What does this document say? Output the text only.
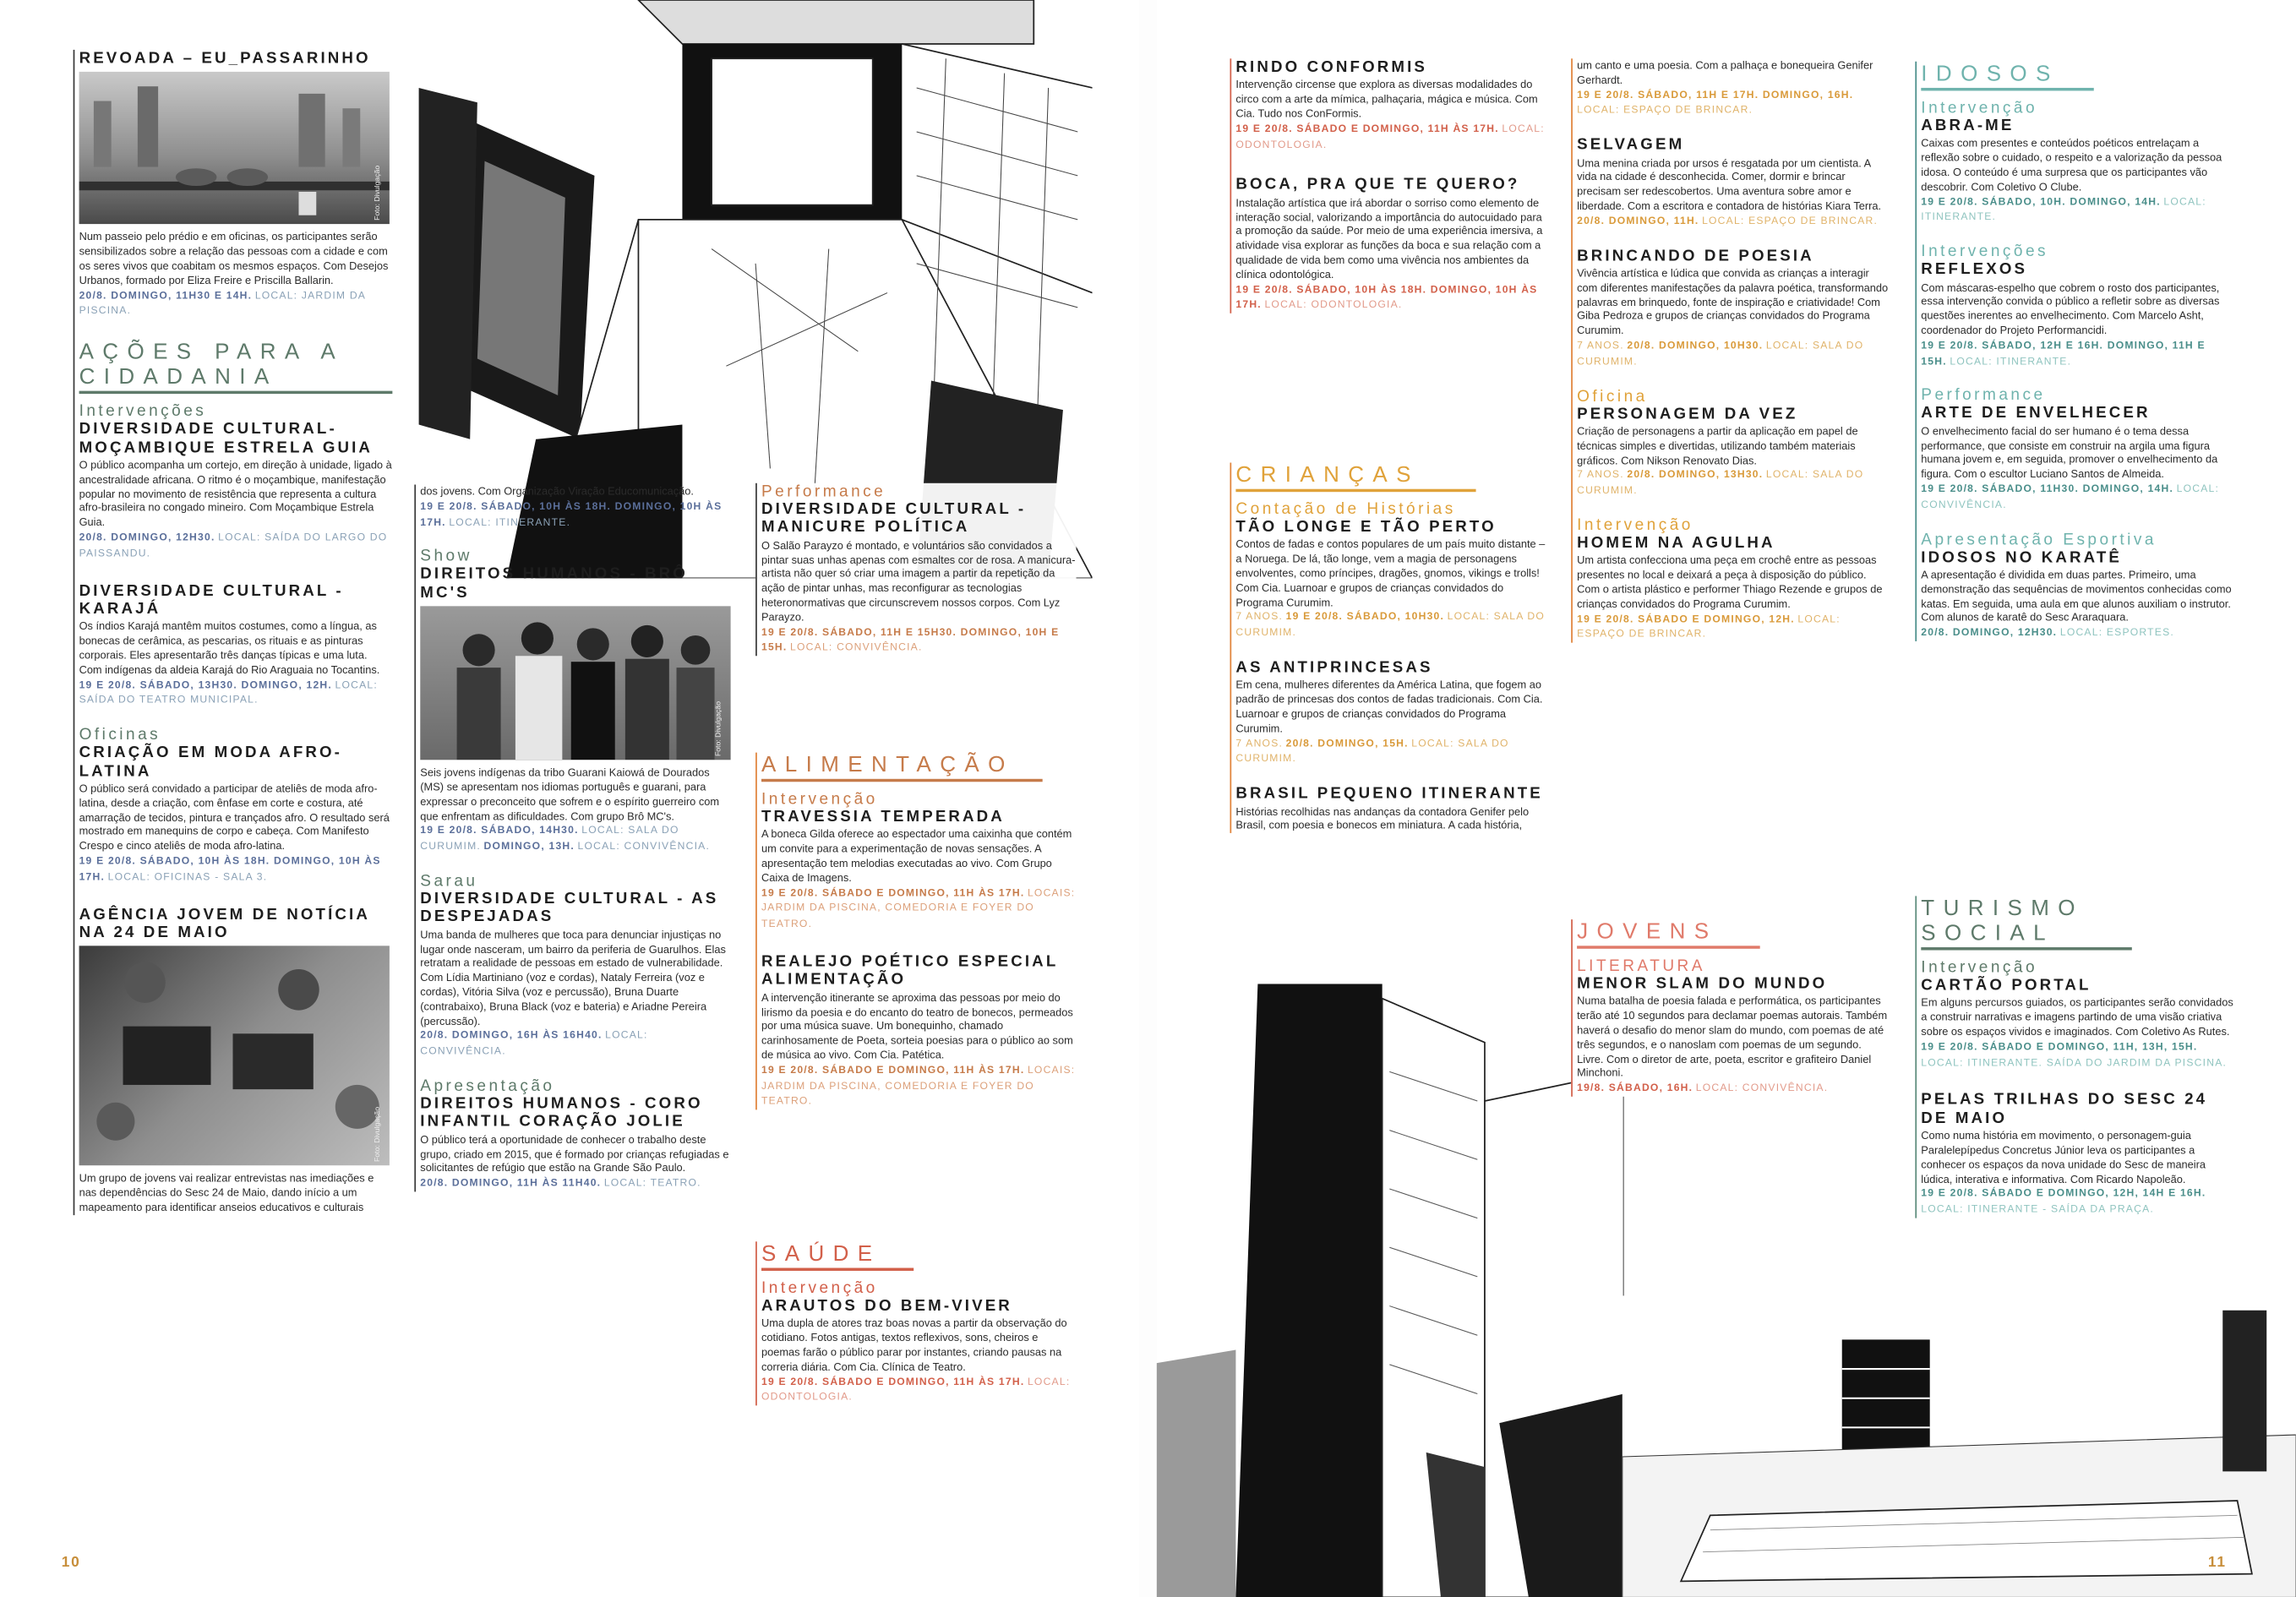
REVOADA – EU_PASSARINHO
Foto: Divulgação
Num passeio pelo prédio e em oficinas, os participantes serão sensibilizados sobre a relação das pessoas com a cidade e com os seres vivos que coabitam os mesmos espaços. Com Desejos Urbanos, formado por Eliza Freire e Priscilla Ballarin.
20/8. DOMINGO, 11H30 E 14H. LOCAL: JARDIM DA PISCINA.
AÇÕES PARA A CIDADANIA
Intervenções
DIVERSIDADE CULTURAL- MOÇAMBIQUE ESTRELA GUIA
O público acompanha um cortejo, em direção à unidade, ligado à ancestralidade africana. O ritmo é o moçambique, manifestação popular no movimento de resistência que representa a cultura afro-brasileira no congado mineiro. Com Moçambique Estrela Guia.
20/8. DOMINGO, 12H30. LOCAL: SAÍDA DO LARGO DO PAISSANDU.
DIVERSIDADE CULTURAL - KARAJÁ
Os índios Karajá mantêm muitos costumes, como a língua, as bonecas de cerâmica, as pescarias, os rituais e as pinturas corporais. Eles apresentarão três danças típicas e uma luta. Com indígenas da aldeia Karajá do Rio Araguaia no Tocantins.
19 E 20/8. SÁBADO, 13H30. DOMINGO, 12H. LOCAL: SAÍDA DO TEATRO MUNICIPAL.
Oficinas
CRIAÇÃO EM MODA AFRO-LATINA
O público será convidado a participar de ateliês de moda afro-latina, desde a criação, com ênfase em corte e costura, até amarração de tecidos, pintura e trançados afro. O resultado será mostrado em manequins de corpo e cabeça. Com Manifesto Crespo e cinco ateliês de moda afro-latina.
19 E 20/8. SÁBADO, 10H ÀS 18H. DOMINGO, 10H ÀS 17H. LOCAL: OFICINAS - SALA 3.
AGÊNCIA JOVEM DE NOTÍCIA NA 24 DE MAIO
Foto: Divulgação
Um grupo de jovens vai realizar entrevistas nas imediações e nas dependências do Sesc 24 de Maio, dando início a um mapeamento para identificar anseios educativos e culturais
dos jovens. Com Organização Viração Educomunicação.
19 E 20/8. SÁBADO, 10H ÀS 18H. DOMINGO, 10H ÀS 17H. LOCAL: ITINERANTE.
Show
DIREITOS HUMANOS - BRÔ MC'S
Foto: Divulgação
Seis jovens indígenas da tribo Guarani Kaiowá de Dourados (MS) se apresentam nos idiomas português e guarani, para expressar o preconceito que sofrem e o espírito guerreiro com que enfrentam as dificuldades. Com grupo Brô MC's.
19 E 20/8. SÁBADO, 14H30. LOCAL: SALA DO CURUMIM. DOMINGO, 13H. LOCAL: CONVIVÊNCIA.
Sarau
DIVERSIDADE CULTURAL - AS DESPEJADAS
Uma banda de mulheres que toca para denunciar injustiças no lugar onde nasceram, um bairro da periferia de Guarulhos. Elas retratam a realidade de pessoas em estado de vulnerabilidade. Com Lídia Martiniano (voz e cordas), Nataly Ferreira (voz e cordas), Vitória Silva (voz e percussão), Bruna Duarte (contrabaixo), Bruna Black (voz e bateria) e Ariadne Pereira (percussão).
20/8. DOMINGO, 16H ÀS 16H40. LOCAL: CONVIVÊNCIA.
Apresentação
DIREITOS HUMANOS - CORO INFANTIL CORAÇÃO JOLIE
O público terá a oportunidade de conhecer o trabalho deste grupo, criado em 2015, que é formado por crianças refugiadas e solicitantes de refúgio que estão na Grande São Paulo.
20/8. DOMINGO, 11H ÀS 11H40. LOCAL: TEATRO.
Performance
DIVERSIDADE CULTURAL - MANICURE POLÍTICA
O Salão Parayzo é montado, e voluntários são convidados a pintar suas unhas apenas com esmaltes cor de rosa. A manicura-artista não quer só criar uma imagem a partir da repetição da ação de pintar unhas, mas reconfigurar as tecnologias heteronormativas que circunscrevem nossos corpos. Com Lyz Parayzo.
19 E 20/8. SÁBADO, 11H E 15H30. DOMINGO, 10H E 15H. LOCAL: CONVIVÊNCIA.
ALIMENTAÇÃO
Intervenção
TRAVESSIA TEMPERADA
A boneca Gilda oferece ao espectador uma caixinha que contém um convite para a experimentação de novas sensações. A apresentação tem melodias executadas ao vivo. Com Grupo Caixa de Imagens.
19 E 20/8. SÁBADO E DOMINGO, 11H ÀS 17H. LOCAIS: JARDIM DA PISCINA, COMEDORIA E FOYER DO TEATRO.
REALEJO POÉTICO ESPECIAL ALIMENTAÇÃO
A intervenção itinerante se aproxima das pessoas por meio do lirismo da poesia e do encanto do teatro de bonecos, permeados por uma música suave. Um bonequinho, chamado carinhosamente de Poeta, sorteia poesias para o público ao som de música ao vivo. Com Cia. Patética.
19 E 20/8. SÁBADO E DOMINGO, 11H ÀS 17H. LOCAIS: JARDIM DA PISCINA, COMEDORIA E FOYER DO TEATRO.
SAÚDE
Intervenção
ARAUTOS DO BEM-VIVER
Uma dupla de atores traz boas novas a partir da observação do cotidiano. Fotos antigas, textos reflexivos, sons, cheiros e poemas farão o público parar por instantes, criando pausas na correria diária. Com Cia. Clínica de Teatro.
19 E 20/8. SÁBADO E DOMINGO, 11H ÀS 17H. LOCAL: ODONTOLOGIA.
RINDO CONFORMIS
Intervenção circense que explora as diversas modalidades do circo com a arte da mímica, palhaçaria, mágica e música. Com Cia. Tudo nos ConFormis.
19 E 20/8. SÁBADO E DOMINGO, 11H ÀS 17H. LOCAL: ODONTOLOGIA.
BOCA, PRA QUE TE QUERO?
Instalação artística que irá abordar o sorriso como elemento de interação social, valorizando a importância do autocuidado para a promoção da saúde. Por meio de uma experiência imersiva, a atividade visa explorar as funções da boca e sua relação com a qualidade de vida bem como uma vivência nos ambientes da clínica odontológica.
19 E 20/8. SÁBADO, 10H ÀS 18H. DOMINGO, 10H ÀS 17H. LOCAL: ODONTOLOGIA.
CRIANÇAS
Contação de Histórias
TÃO LONGE E TÃO PERTO
Contos de fadas e contos populares de um país muito distante – a Noruega. De lá, tão longe, vem a magia de personagens envolventes, como príncipes, dragões, gnomos, vikings e trolls! Com Cia. Luarnoar e grupos de crianças convidados do Programa Curumim.
7 ANOS. 19 E 20/8. SÁBADO, 10H30. LOCAL: SALA DO CURUMIM.
AS ANTIPRINCESAS
Em cena, mulheres diferentes da América Latina, que fogem ao padrão de princesas dos contos de fadas tradicionais. Com Cia. Luarnoar e grupos de crianças convidados do Programa Curumim.
7 ANOS. 20/8. DOMINGO, 15H. LOCAL: SALA DO CURUMIM.
BRASIL PEQUENO ITINERANTE
Histórias recolhidas nas andanças da contadora Genifer pelo Brasil, com poesia e bonecos em miniatura. A cada história,
um canto e uma poesia. Com a palhaça e bonequeira Genifer Gerhardt.
19 E 20/8. SÁBADO, 11H E 17H. DOMINGO, 16H. LOCAL: ESPAÇO DE BRINCAR.
SELVAGEM
Uma menina criada por ursos é resgatada por um cientista. A vida na cidade é desconhecida. Comer, dormir e brincar precisam ser redescobertos. Uma aventura sobre amor e liberdade. Com a escritora e contadora de histórias Kiara Terra.
20/8. DOMINGO, 11H. LOCAL: ESPAÇO DE BRINCAR.
BRINCANDO DE POESIA
Vivência artística e lúdica que convida as crianças a interagir com diferentes manifestações da palavra poética, transformando palavras em brinquedo, fonte de inspiração e criatividade! Com Giba Pedroza e grupos de crianças convidados do Programa Curumim.
7 ANOS. 20/8. DOMINGO, 10H30. LOCAL: SALA DO CURUMIM.
Oficina
PERSONAGEM DA VEZ
Criação de personagens a partir da aplicação em papel de técnicas simples e divertidas, utilizando também materiais gráficos. Com Nikson Renovato Dias.
7 ANOS. 20/8. DOMINGO, 13H30. LOCAL: SALA DO CURUMIM.
Intervenção
HOMEM NA AGULHA
Um artista confecciona uma peça em crochê entre as pessoas presentes no local e deixará a peça à disposição do público. Com o artista plástico e performer Thiago Rezende e grupos de crianças convidados do Programa Curumim.
19 E 20/8. SÁBADO E DOMINGO, 12H. LOCAL: ESPAÇO DE BRINCAR.
JOVENS
LITERATURA
MENOR SLAM DO MUNDO
Numa batalha de poesia falada e performática, os participantes terão até 10 segundos para declamar poemas autorais. Também haverá o desafio do menor slam do mundo, com poemas de até três segundos, e o nanoslam com poemas de um segundo. Livre. Com o diretor de arte, poeta, escritor e grafiteiro Daniel Minchoni.
19/8. SÁBADO, 16H. LOCAL: CONVIVÊNCIA.
IDOSOS
Intervenção
ABRA-ME
Caixas com presentes e conteúdos poéticos entrelaçam a reflexão sobre o cuidado, o respeito e a valorização da pessoa idosa. O conteúdo é uma surpresa que os participantes vão descobrir. Com Coletivo O Clube.
19 E 20/8. SÁBADO, 10H. DOMINGO, 14H. LOCAL: ITINERANTE.
Intervenções
REFLEXOS
Com máscaras-espelho que cobrem o rosto dos participantes, essa intervenção convida o público a refletir sobre as diversas questões inerentes ao envelhecimento. Com Marcelo Asht, coordenador do Projeto Performancidi.
19 E 20/8. SÁBADO, 12H E 16H. DOMINGO, 11H E 15H. LOCAL: ITINERANTE.
Performance
ARTE DE ENVELHECER
O envelhecimento facial do ser humano é o tema dessa performance, que consiste em construir na argila uma figura humana jovem e, em seguida, promover o envelhecimento da figura. Com o escultor Luciano Santos de Almeida.
19 E 20/8. SÁBADO, 11H30. DOMINGO, 14H. LOCAL: CONVIVÊNCIA.
Apresentação Esportiva
IDOSOS NO KARATÊ
A apresentação é dividida em duas partes. Primeiro, uma demonstração das sequências de movimentos conhecidas como katas. Em seguida, uma aula em que alunos auxiliam o instrutor. Com alunos de karatê do Sesc Araraquara.
20/8. DOMINGO, 12H30. LOCAL: ESPORTES.
TURISMO SOCIAL
Intervenção
CARTÃO PORTAL
Em alguns percursos guiados, os participantes serão convidados a construir narrativas e imagens partindo de uma visão criativa sobre os espaços vividos e imaginados. Com Coletivo As Rutes.
19 E 20/8. SÁBADO E DOMINGO, 11H, 13H, 15H. LOCAL: ITINERANTE. SAÍDA DO JARDIM DA PISCINA.
PELAS TRILHAS DO SESC 24 DE MAIO
Como numa história em movimento, o personagem-guia Paralelepípedus Concretus Júnior leva os participantes a conhecer os espaços da nova unidade do Sesc de maneira lúdica, interativa e informativa. Com Ricardo Napoleão.
19 E 20/8. SÁBADO E DOMINGO, 12H, 14H E 16H. LOCAL: ITINERANTE - SAÍDA DA PRAÇA.
10	11
